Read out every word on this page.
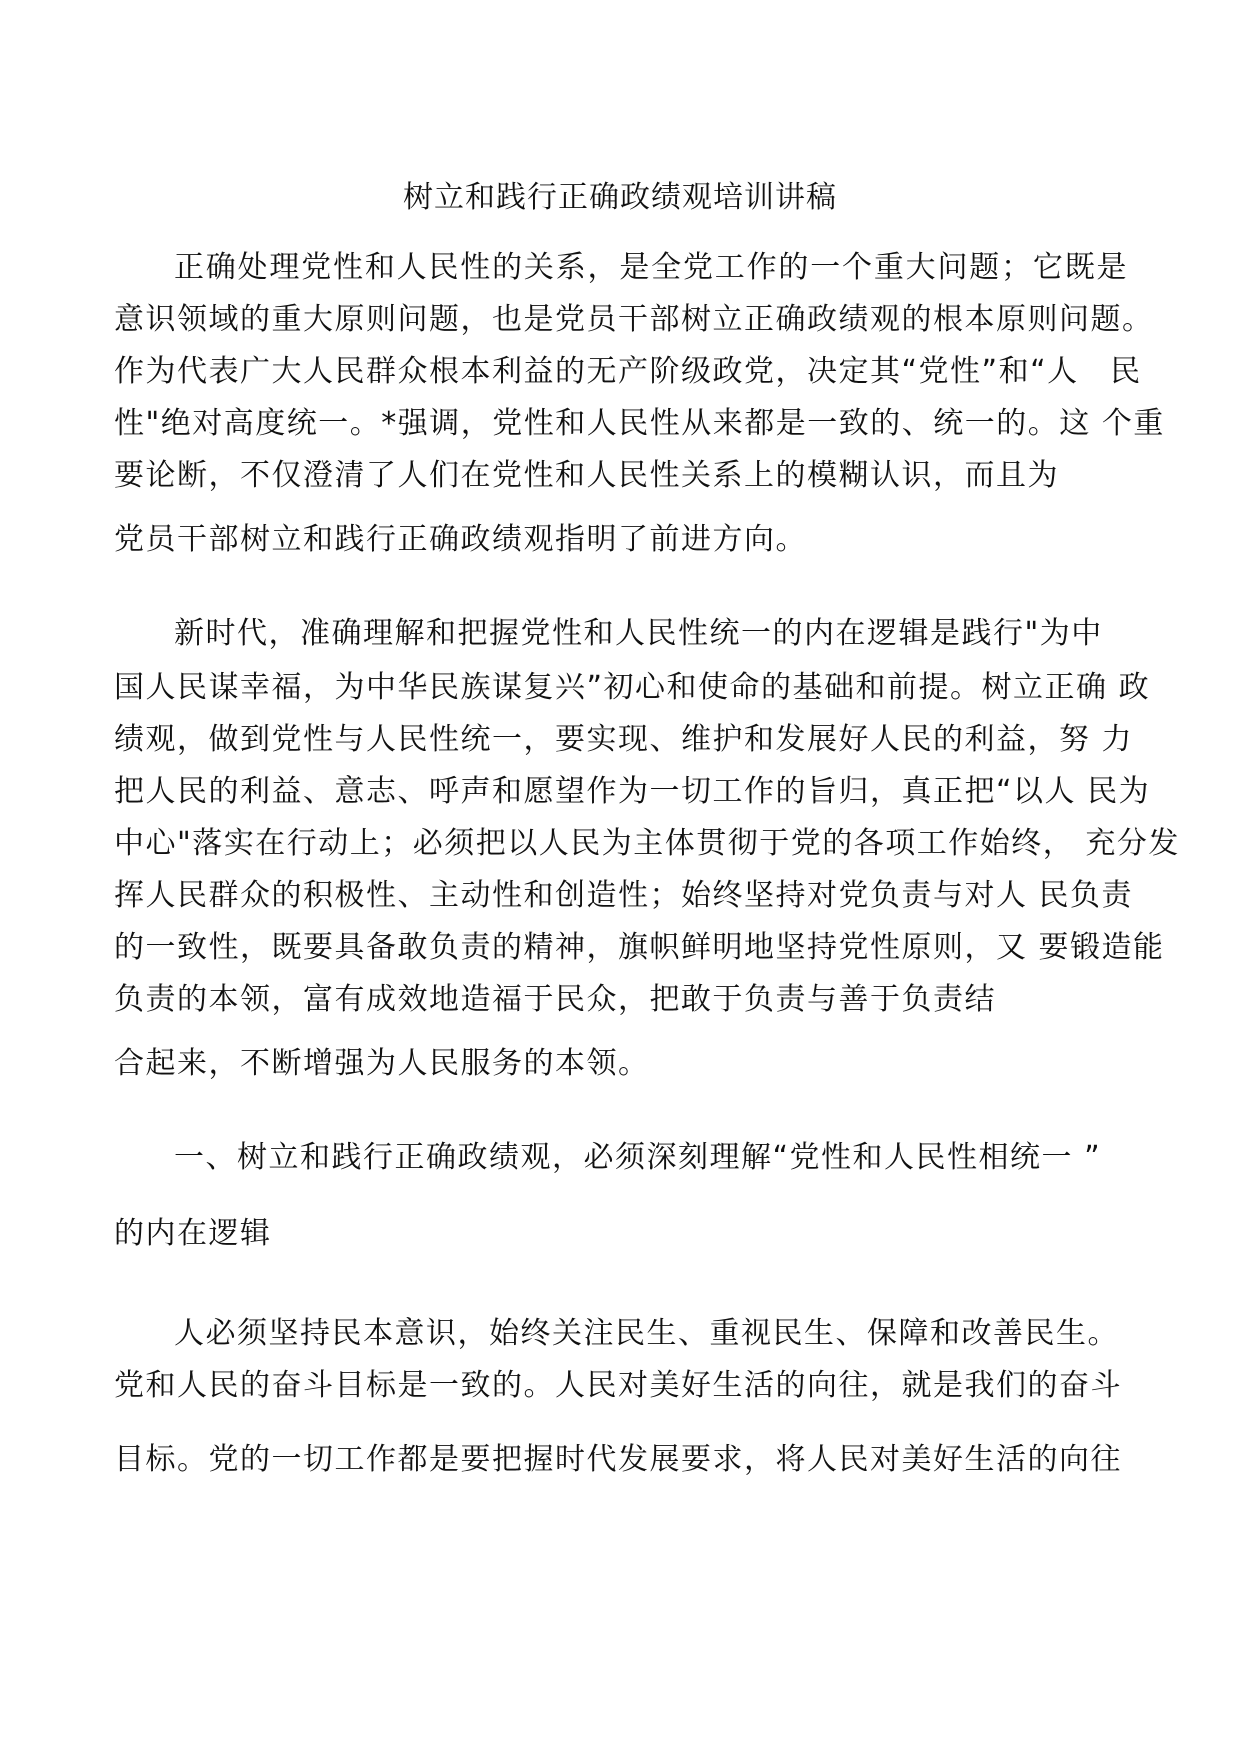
树立和践行正确政绩观培训讲稿

正确处理党性和人民性的关系，是全党工作的一个重大问题；它既是

意识领域的重大原则问题，也是党员干部树立正确政绩观的根本原则问题。

作为代表广大人民群众根本利益的无产阶级政党，决定其“党性”和“人　民

性"绝对高度统一。*强调，党性和人民性从来都是一致的、统一的。这 个重

要论断，不仅澄清了人们在党性和人民性关系上的模糊认识，而且为

党员干部树立和践行正确政绩观指明了前进方向。

新时代，准确理解和把握党性和人民性统一的内在逻辑是践行"为中

国人民谋幸福，为中华民族谋复兴”初心和使命的基础和前提。树立正确 政

绩观，做到党性与人民性统一，要实现、维护和发展好人民的利益，努 力

把人民的利益、意志、呼声和愿望作为一切工作的旨归，真正把“以人 民为

中心"落实在行动上；必须把以人民为主体贯彻于党的各项工作始终， 充分发

挥人民群众的积极性、主动性和创造性；始终坚持对党负责与对人 民负责

的一致性，既要具备敢负责的精神，旗帜鲜明地坚持党性原则，又 要锻造能

负责的本领，富有成效地造福于民众，把敢于负责与善于负责结

合起来，不断增强为人民服务的本领。

一、树立和践行正确政绩观，必须深刻理解“党性和人民性相统一 ”

的内在逻辑

人必须坚持民本意识，始终关注民生、重视民生、保障和改善民生。

党和人民的奋斗目标是一致的。人民对美好生活的向往，就是我们的奋斗

目标。党的一切工作都是要把握时代发展要求，将人民对美好生活的向往
